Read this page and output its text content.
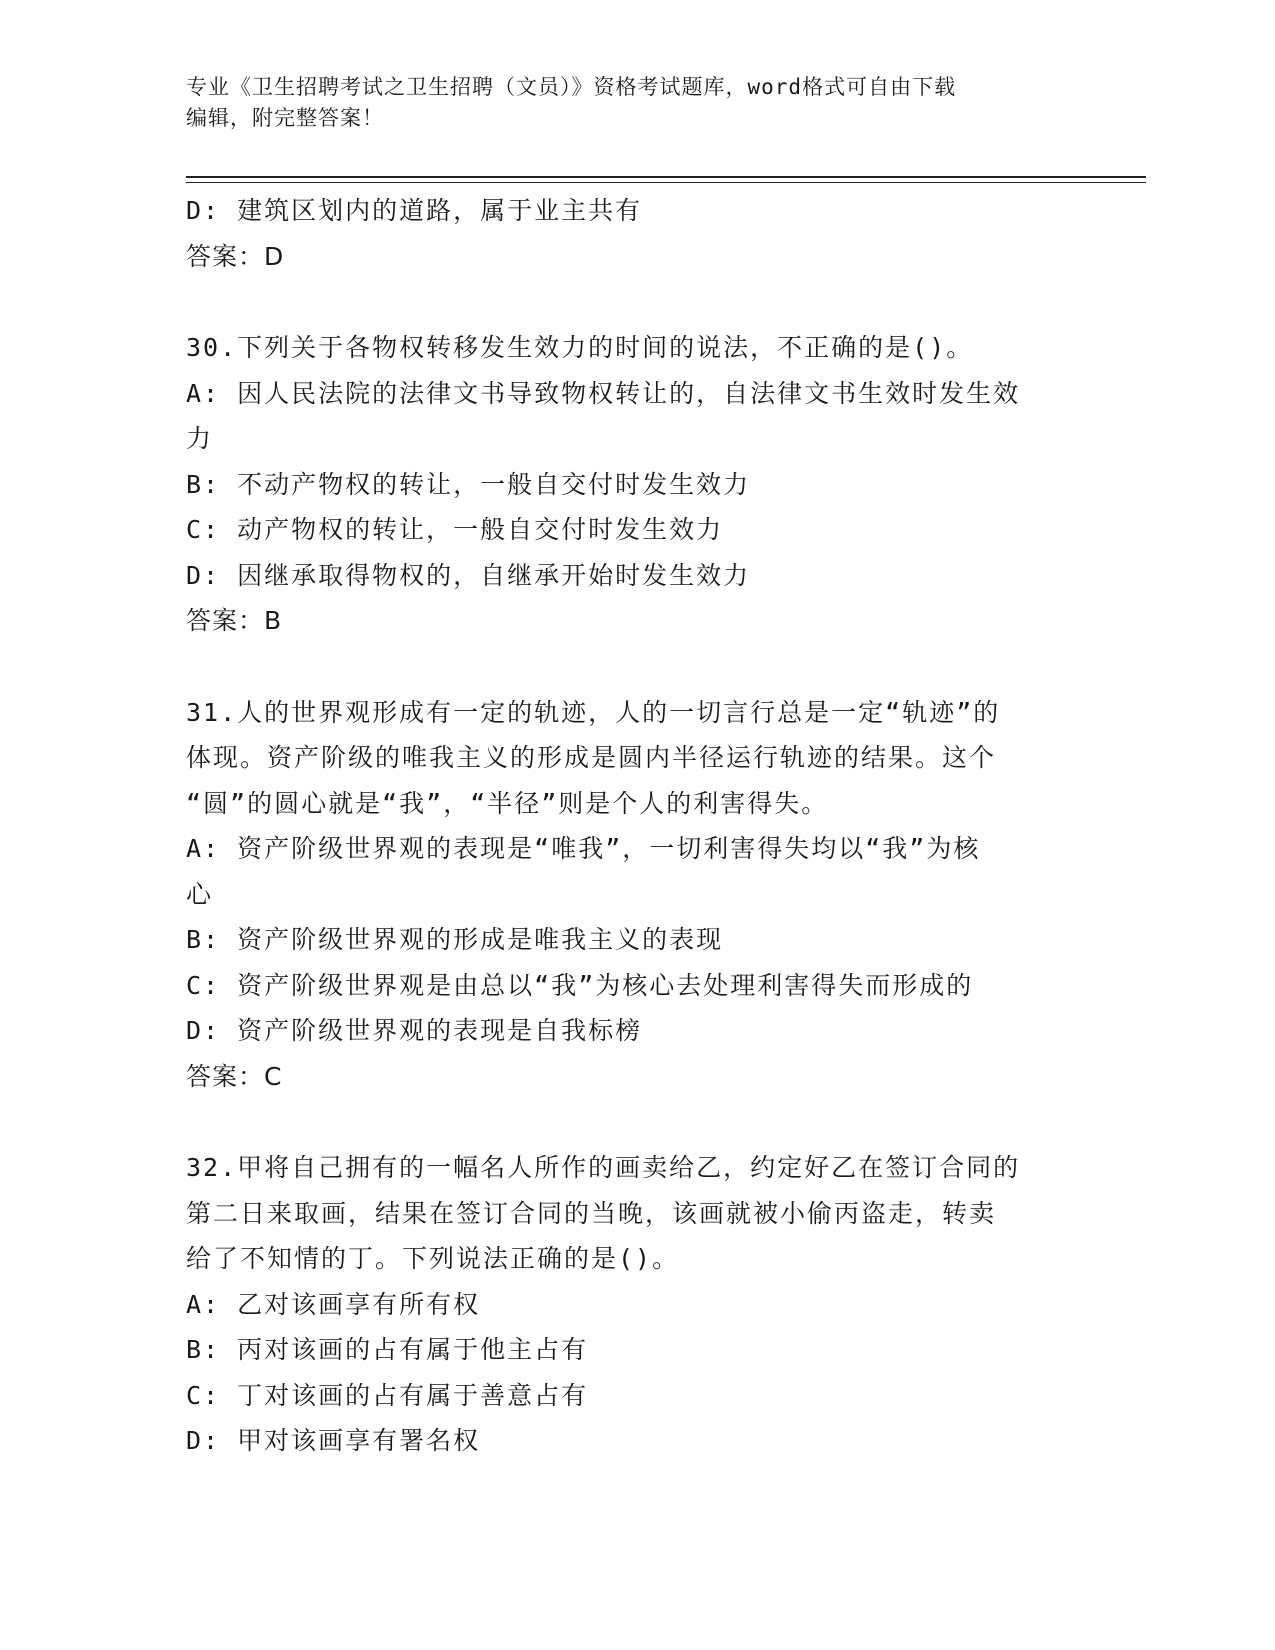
专业《卫生招聘考试之卫生招聘（文员）》资格考试题库，word格式可自由下载
编辑，附完整答案！
D: 建筑区划内的道路，属于业主共有
答案：D
30.下列关于各物权转移发生效力的时间的说法，不正确的是()。
A: 因人民法院的法律文书导致物权转让的，自法律文书生效时发生效
力
B: 不动产物权的转让，一般自交付时发生效力
C: 动产物权的转让，一般自交付时发生效力
D: 因继承取得物权的，自继承开始时发生效力
答案：B
31.人的世界观形成有一定的轨迹，人的一切言行总是一定“轨迹”的
体现。资产阶级的唯我主义的形成是圆内半径运行轨迹的结果。这个
“圆”的圆心就是“我”，“半径”则是个人的利害得失。
A: 资产阶级世界观的表现是“唯我”，一切利害得失均以“我”为核
心
B: 资产阶级世界观的形成是唯我主义的表现
C: 资产阶级世界观是由总以“我”为核心去处理利害得失而形成的
D: 资产阶级世界观的表现是自我标榜
答案：C
32.甲将自己拥有的一幅名人所作的画卖给乙，约定好乙在签订合同的
第二日来取画，结果在签订合同的当晚，该画就被小偷丙盗走，转卖
给了不知情的丁。下列说法正确的是()。
A: 乙对该画享有所有权
B: 丙对该画的占有属于他主占有
C: 丁对该画的占有属于善意占有
D: 甲对该画享有署名权
